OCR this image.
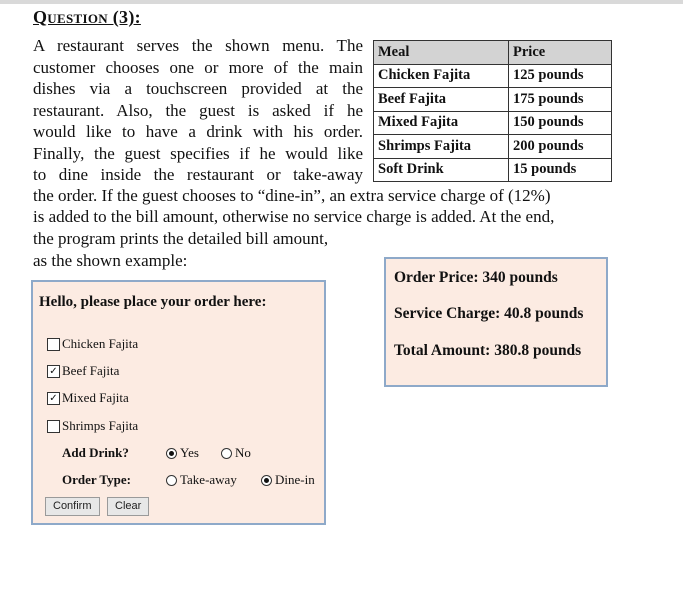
Question (3):
A restaurant serves the shown menu. The
customer chooses one or more of the main
dishes via a touchscreen provided at the
restaurant. Also, the guest is asked if he
would like to have a drink with his order.
Finally, the guest specifies if he would like
to dine inside the restaurant or take-away
the order. If the guest chooses to “dine-in”, an extra service charge of (12%)
is added to the bill amount, otherwise no service charge is added. At the end,
the program prints the detailed bill amount,
as the shown example:
Meal	Price
Chicken Fajita	125 pounds
Beef Fajita	175 pounds
Mixed Fajita	150 pounds
Shrimps Fajita	200 pounds
Soft Drink	15 pounds
Hello, please place your order here:
Chicken Fajita
✓ Beef Fajita
✓ Mixed Fajita
Shrimps Fajita
Add Drink?	Yes	No
Order Type:	Take-away	Dine-in
Confirm	Clear
Order Price: 340 pounds
Service Charge: 40.8 pounds
Total Amount: 380.8 pounds
